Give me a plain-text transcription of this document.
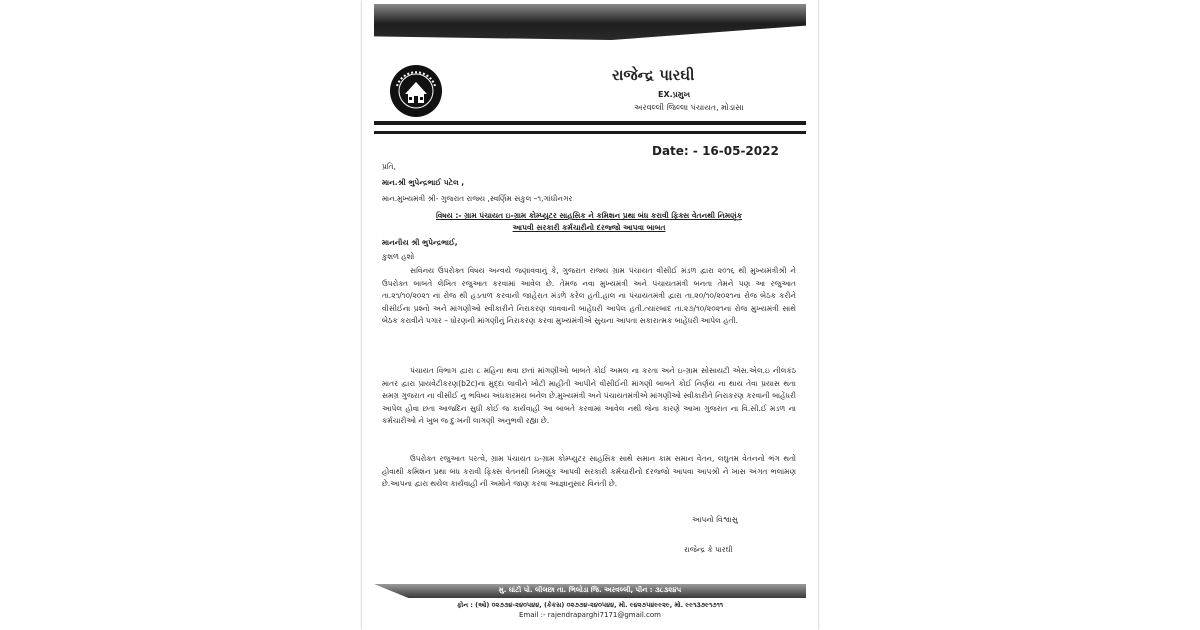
રાજેન્દ્ર પારઘી
EX.પ્રમુખ
અરવલ્લી જિલ્લા પંચાયત, મોડાસા
Date: - 16-05-2022
પ્રતિ,
માન.શ્રી ભુપેન્દ્રભાઈ પટેલ ,
માન.મુખ્યમંત્રી શ્રી- ગુજરાત રાજ્ય ,સ્વર્ણિમ સંકુલ –૧,ગાંધીનગર
વિષય :- ગ્રામ પંચાયત ઇ-ગ્રામ કોમ્પ્યુટર સાહસિક ને કમિશન પ્રથા બંધ કરાવી ફિક્સ વેતનથી નિમણૂંક
આપવી સરકારી કર્મચારીનો દરજ્જો આપવા બાબત
માનનીય શ્રી ભુપેન્દ્રભાઈ,
કુશળ હશો
સવિનય ઉપરોક્ત વિષય અન્વયે જણાવવાનું કે, ગુજરાત રાજ્ય ગ્રામ પંચાયત વીસીઈ મંડળ દ્વારા ૨૦૧૬ થી મુખ્યમંત્રીશ્રી ને ઉપરોક્ત બાબતે લેખિત રજુઆત કરવામાં આવેલ છે. તેમજ નવા મુખ્યમંત્રી અને પંચાયતમંત્રી બનતા તેમને પણ આ રજુઆત તા.૨૧/૧૦/૨૦૨૧ ના રોજ થી હડતાળ કરવાની જાહેરાત મંડળે કરેલ હતી.હાલ ના પંચાયતમંત્રી દ્વારા તા.૨૦/૧૦/૨૦૨૧ના રોજ બેઠક કરીને વીસીઈના પ્રશ્નો અને માંગણીઓ સ્વીકારીને નિરાકરણ લાવવાની બાહેંધરી આપેલ હતી.ત્યારબાદ તા.૨૭/૧૦/૨૦૨૧ના રોજ મુખ્યમંત્રી સાથે બેઠક કરાવીને પગાર – ધોરણની માંગણીનું નિરાકરણ કરવા મુખ્યમંત્રીએ સુચના આપતા સકારાત્મક બાહેંધરી આપેલ હતી.
પંચાયત વિભાગ દ્વારા ૮ મહિના થવા છતાં માંગણીઓ બાબતે કોઈ અમલ ના કરતા અને ઇ-ગ્રામ સોસાયટી એસ.એલ.ઇ નીલકંઠ માતર દ્વારા પ્રાયવેટીકરણ(b2c)ના મુદ્દા લાવીને ખોટી માહીતી આપીને વીસીઈની માંગણી બાબતે કોઈ નિર્ણય ના થાય તેવા પ્રયાસ થતા સમગ્ર ગુજરાત ના વીસીઈ નુ ભવિષ્ય અંધકારમય બનેલ છે.મુખ્યમંત્રી અને પંચાયતમંત્રીએ માંગણીઓ સ્વીકારીને નિરાકરણ કરવાની બાહેંધરી આપેલ હોવા છતા આજદિન સુધી કોઈ જ કાર્યવાહી આ બાબતે કરવામાં આવેલ નથી જેના કારણે આખા ગુજરાત ના વિ.સી.ઈ મંડળ ના કર્મચારીઓ ને ખુબ જ દુઃખની લાગણી અનુભવી રહ્યા છે.
ઉપરોક્ત રજુઆત પરત્વે, ગ્રામ પંચાયત ઇ-ગ્રામ કોમ્પ્યુટર સાહસિક સાથે સમાન કામ સમાન વેતન, લઘુતમ વેતનનો ભંગ થતો હોવાથી કમિશન પ્રથા બંધ કરાવી ફિક્સ વેતનથી નિમણૂંક આપવી સરકારી કર્મચારીનો દરજ્જો આપવા આપશ્રી ને ખાસ અંગત ભલામણ છે.આપના દ્વારા થયેલ કાર્યવાહી ની અમોને જાણ કરવા આજ્ઞાનુસાર વિનંતી છે.
આપનો વિશ્વાસુ
રાજેન્દ્ર કે પારઘી
મુ. ઘાંટી પો. લીલછા તા. ભિલોડા જિ. અરવલ્લી, પીન : ૩૮૩૨૪૫
ફોન : (ઓ) ૦૨૭૭૪-૨૪૦૫૪૪, (કેકસ) ૦૨૭૭૪-૨૪૦૫૪૪, મો. ૯૪૨૭૫૪૯૯૨૯, મો. ૯૯૧૩૭૯૧૭૧૧
Email :- rajendraparghi7171@gmail.com
